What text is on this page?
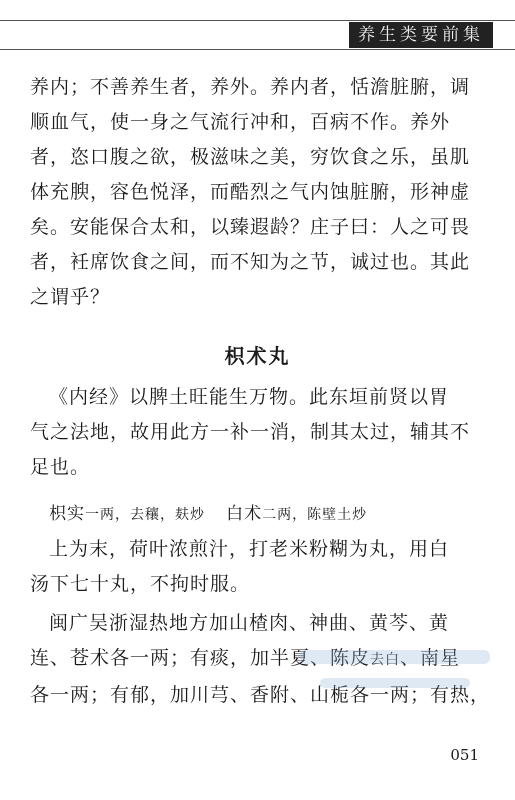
养生类要前集
养内；不善养生者，养外。养内者，恬澹脏腑，调
顺血气，使一身之气流行冲和，百病不作。养外
者，恣口腹之欲，极滋味之美，穷饮食之乐，虽肌
体充腴，容色悦泽，而酷烈之气内蚀脏腑，形神虚
矣。安能保合太和，以臻遐龄？庄子曰：人之可畏
者，衽席饮食之间，而不知为之节，诚过也。其此
之谓乎？
枳术丸
《内经》以脾土旺能生万物。此东垣前贤以胃
气之法地，故用此方一补一消，制其太过，辅其不
足也。
枳实一两，去穰，麸炒 白术二两，陈壁土炒
上为末，荷叶浓煎汁，打老米粉糊为丸，用白
汤下七十丸，不拘时服。
闽广吴浙湿热地方加山楂肉、神曲、黄芩、黄
连、苍术各一两；有痰，加半夏、陈皮去白、南星
各一两；有郁，加川芎、香附、山栀各一两；有热，
051
